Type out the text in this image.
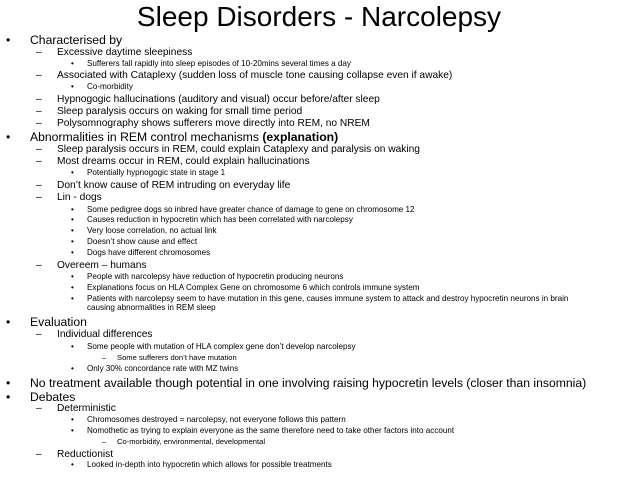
Sleep Disorders - Narcolepsy
• Characterised by
– Excessive daytime sleepiness
• Sufferers fall rapidly into sleep episodes of 10-20mins several times a day
– Associated with Cataplexy (sudden loss of muscle tone causing collapse even if awake)
• Co-morbidity
– Hypnogogic hallucinations (auditory and visual) occur before/after sleep
– Sleep paralysis occurs on waking for small time period
– Polysomnography shows sufferers move directly into REM, no NREM
• Abnormalities in REM control mechanisms (explanation)
– Sleep paralysis occurs in REM, could explain Cataplexy and paralysis on waking
– Most dreams occur in REM, could explain hallucinations
• Potentially hypnogogic state in stage 1
– Don’t know cause of REM intruding on everyday life
– Lin - dogs
• Some pedigree dogs so inbred have greater chance of damage to gene on chromosome 12
• Causes reduction in hypocretin which has been correlated with narcolepsy
• Very loose correlation, no actual link
• Doesn’t show cause and effect
• Dogs have different chromosomes
– Overeem – humans
• People with narcolepsy have reduction of hypocretin producing neurons
• Explanations focus on HLA Complex Gene on chromosome 6 which controls immune system
• Patients with narcolepsy seem to have mutation in this gene, causes immune system to attack and destroy hypocretin neurons in brain
causing abnormalities in REM sleep
• Evaluation
– Individual differences
• Some people with mutation of HLA complex gene don’t develop narcolepsy
– Some sufferers don’t have mutation
• Only 30% concordance rate with MZ twins
• No treatment available though potential in one involving raising hypocretin levels (closer than insomnia)
• Debates
– Deterministic
• Chromosomes destroyed = narcolepsy, not everyone follows this pattern
• Nomothetic as trying to explain everyone as the same therefore need to take other factors into account
– Co-morbidity, environmental, developmental
– Reductionist
• Looked in-depth into hypocretin which allows for possible treatments
